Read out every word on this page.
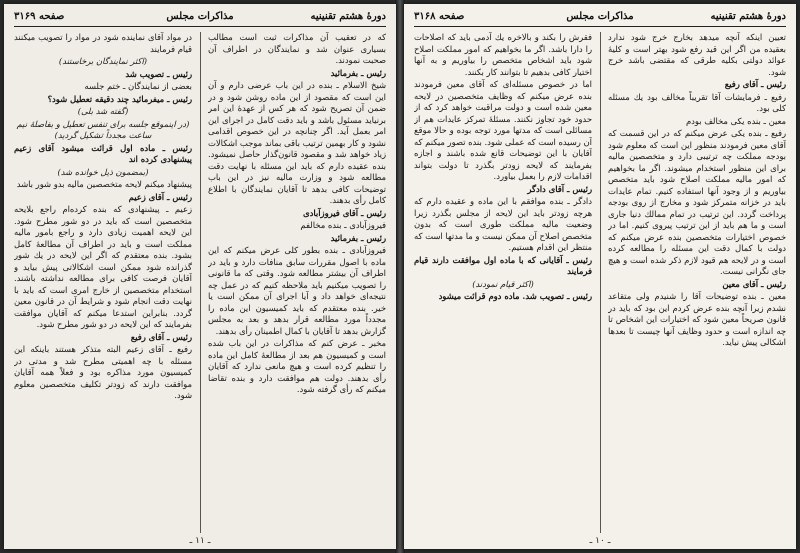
دورهٔ هشتم تقنینیه
مذاكرات مجلس
صفحه ۳۱۶۹

كه در تعقیب آن مذاكرات ثبت است مطالب بسیاری عنوان شد و نمایندگان در اطراف آن صحبت نمودند.

رئیس ـ بفرمائید

شیخ الاسلام ـ بنده در این باب عرضی دارم و آن این است كه مقصود از این ماده روشن شود و در ضمن آن تصریح شود كه هر كس از عهدهٔ این امر برنیاید مسئول باشد و باید دقت كامل در اجرای این امر بعمل آید. اگر چنانچه در این خصوص اقدامی نشود و كار بهمین ترتیب باقی بماند موجب اشكالات زیاد خواهد شد و مقصود قانون‌گذار حاصل نمیشود. بنده عقیده دارم كه باید این مسئله با نهایت دقت مطالعه شود و وزارت مالیه نیز در این باب توضیحات كافی بدهد تا آقایان نمایندگان با اطلاع كامل رأی بدهند.

رئیس ـ آقای فیروزآبادی

فیروزآبادی ـ بنده مخالفم

رئیس ـ بفرمائید

فیروزآبادی ـ بنده بطور كلی عرض میكنم كه این ماده با اصول مقررات سابق منافات دارد و باید در اطراف آن بیشتر مطالعه شود. وقتی كه ما قانونی را تصویب میكنیم باید ملاحظه كنیم كه در عمل چه نتیجه‌ای خواهد داد و آیا اجرای آن ممكن است یا خیر. بنده معتقدم كه باید كمیسیون این ماده را مجدداً مورد مطالعه قرار بدهد و بعد به مجلس گزارش بدهد تا آقایان با كمال اطمینان رأی بدهند.

مخبر ـ عرض كنم كه مذاكرات در این باب شده است و كمیسیون هم بعد از مطالعهٔ كامل این ماده را تنظیم كرده است و هیچ مانعی ندارد كه آقایان رأی بدهند. دولت هم موافقت دارد و بنده تقاضا میكنم كه رأی گرفته شود.

در مواد آقای نماینده شود در مواد را تصویب میكنند قیام فرمایند

(اكثر نمایندگان برخاستند)

رئیس ـ تصویب شد

بعضی از نمایندگان ـ ختم جلسه

رئیس ـ میفرمائید چند دقیقه تعطیل شود؟

(گفته شد بلی)

(در اینموقع جلسه برای تنفس تعطیل و بفاصلهٔ نیم ساعت مجدداً تشكیل گردید)

رئیس ـ ماده اول قرائت میشود آقای زعیم پیشنهادی كرده اند

(بمضمون ذیل خوانده شد)

پیشنهاد میكنم لایحه متخصصین مالیه بدو شور باشد

رئیس ـ آقای زعیم

زعیم ـ پیشنهادی كه بنده كرده‌ام راجع بلایحه متخصصین است كه باید در دو شور مطرح شود. این لایحه اهمیت زیادی دارد و راجع بامور مالیه مملكت است و باید در اطراف آن مطالعهٔ كامل بشود. بنده معتقدم كه اگر این لایحه در یك شور گذرانده شود ممكن است اشكالاتی پیش بیاید و آقایان فرصت كافی برای مطالعه نداشته باشند. استخدام متخصصین از خارج امری است كه باید با نهایت دقت انجام شود و شرایط آن در قانون معین گردد. بنابراین استدعا میكنم كه آقایان موافقت بفرمایند كه این لایحه در دو شور مطرح شود.

رئیس ـ آقای رفیع

رفیع ـ آقای زعیم البته متذكر هستند باینكه این مسئله با چه اهمیتی مطرح شد و مدتی در كمیسیون مورد مذاكره بود و فعلاً همه آقایان موافقت دارند كه زودتر تكلیف متخصصین معلوم شود.

ـ ۱۱ ـ
دورهٔ هشتم تقنینیه
مذاكرات مجلس
صفحه ۳۱۶۸

تعیین اینكه آنچه میدهد بخارج خرج شود ندارد بعقیده من اگر این قید رفع شود بهتر است و كلیهٔ عوائد دولتی بكلیه طرقی كه مقتضی باشد خرج شود.

رئیس ـ آقای رفیع

رفیع ـ فرمایشات آقا تقریباً مخالف بود یك مسئله كلی بود.

معین ـ بنده یكی مخالف بودم

رفیع ـ بنده یكی عرض میكنم كه در این قسمت كه آقای معین فرمودند منظور این است كه معلوم شود بودجه مملكت چه ترتیبی دارد و متخصصین مالیه برای این منظور استخدام میشوند. اگر ما بخواهیم كه امور مالیه مملكت اصلاح شود باید متخصص بیاوریم و از وجود آنها استفاده كنیم. تمام عایدات باید در خزانه متمركز شود و مخارج از روی بودجه پرداخت گردد. این ترتیب در تمام ممالك دنیا جاری است و ما هم باید از این ترتیب پیروی كنیم. اما در خصوص اختیارات متخصصین بنده عرض میكنم كه دولت با كمال دقت این مسئله را مطالعه كرده است و در لایحه هم قیود لازم ذكر شده است و هیچ جای نگرانی نیست.

رئیس ـ آقای معین

معین ـ بنده توضیحات آقا را شنیدم ولی متقاعد نشدم زیرا آنچه بنده عرض كردم این بود كه باید در قانون صریحاً معین شود كه اختیارات این اشخاص تا چه اندازه است و حدود وظایف آنها چیست تا بعدها اشكالی پیش نیاید.

فقرش را بكند و بالاخره یك آدمی باید كه اصلاحات را دارا باشد. اگر ما بخواهیم كه امور مملكت اصلاح شود باید اشخاص متخصص را بیاوریم و به آنها اختیار كافی بدهیم تا بتوانند كار بكنند.

اما در خصوص مسئله‌ای كه آقای معین فرمودند بنده عرض میكنم كه وظایف متخصصین در لایحه معین شده است و دولت مراقبت خواهد كرد كه از حدود خود تجاوز نكنند. مسئلهٔ تمركز عایدات هم از مسائلی است كه مدتها مورد توجه بوده و حالا موقع آن رسیده است كه عملی شود. بنده تصور میكنم كه آقایان با این توضیحات قانع شده باشند و اجازه بفرمایند كه لایحه زودتر بگذرد تا دولت بتواند اقدامات لازم را بعمل بیاورد.

رئیس ـ آقای دادگر

دادگر ـ بنده موافقم با این ماده و عقیده دارم كه هرچه زودتر باید این لایحه از مجلس بگذرد زیرا وضعیت مالیه مملكت طوری است كه بدون متخصص اصلاح آن ممكن نیست و ما مدتها است كه منتظر این اقدام هستیم.

رئیس ـ آقایانی كه با ماده اول موافقت دارند قیام فرمایند

(اكثر قیام نمودند)

رئیس ـ تصویب شد. ماده دوم قرائت میشود

ـ ۱۰ ـ
